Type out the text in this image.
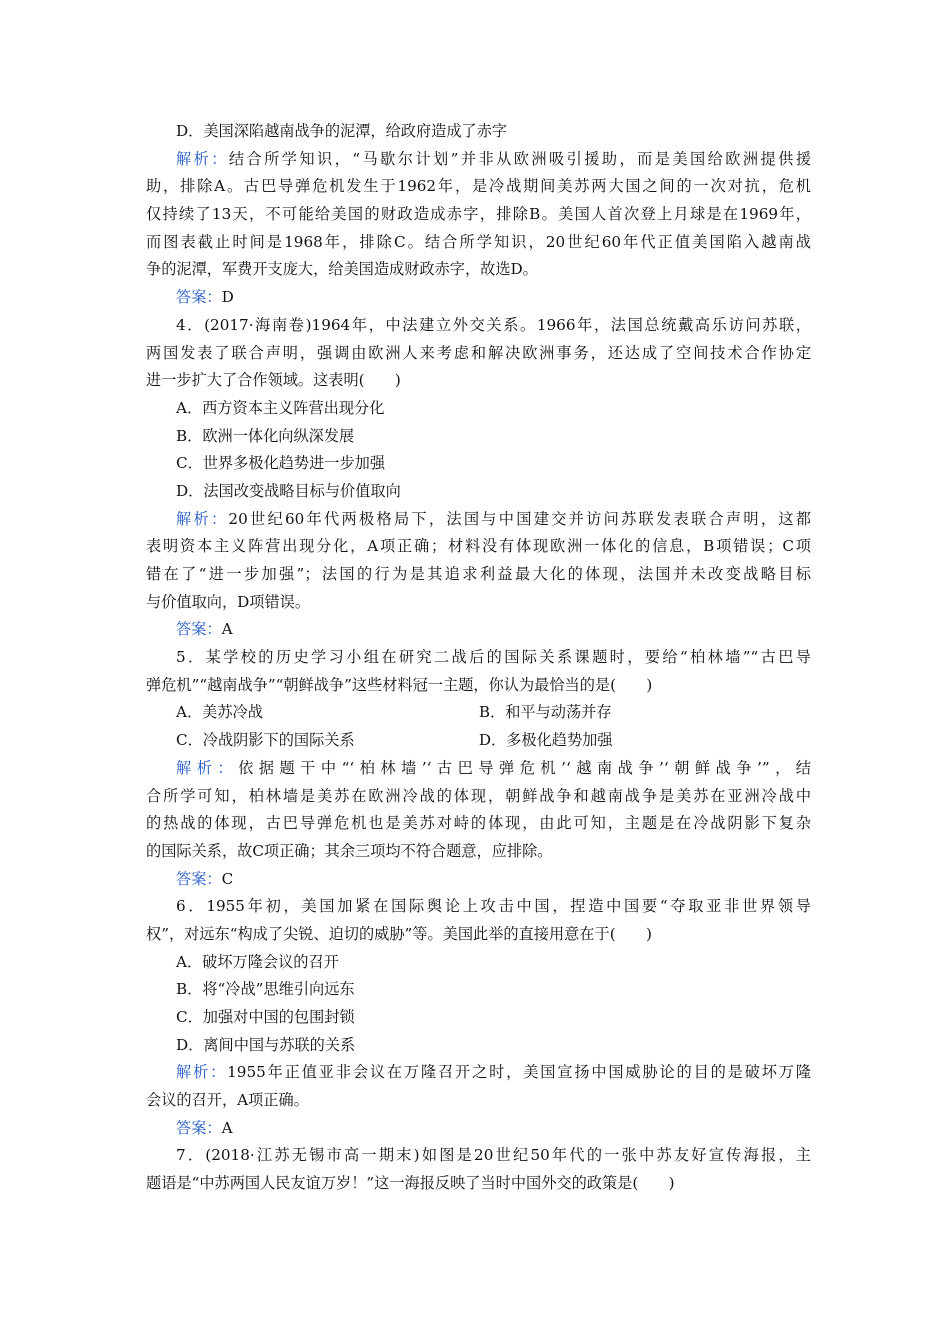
D．美国深陷越南战争的泥潭，给政府造成了赤字
解析：结合所学知识，“马歇尔计划”并非从欧洲吸引援助，而是美国给欧洲提供援
助，排除A。古巴导弹危机发生于1962年，是冷战期间美苏两大国之间的一次对抗，危机
仅持续了13天，不可能给美国的财政造成赤字，排除B。美国人首次登上月球是在1969年，
而图表截止时间是1968年，排除C。结合所学知识，20世纪60年代正值美国陷入越南战
争的泥潭，军费开支庞大，给美国造成财政赤字，故选D。
答案：D
4．(2017·海南卷)1964年，中法建立外交关系。1966年，法国总统戴高乐访问苏联，
两国发表了联合声明，强调由欧洲人来考虑和解决欧洲事务，还达成了空间技术合作协定
进一步扩大了合作领域。这表明(　　)
A．西方资本主义阵营出现分化
B．欧洲一体化向纵深发展
C．世界多极化趋势进一步加强
D．法国改变战略目标与价值取向
解析：20世纪60年代两极格局下，法国与中国建交并访问苏联发表联合声明，这都
表明资本主义阵营出现分化，A项正确；材料没有体现欧洲一体化的信息，B项错误；C项
错在了“进一步加强”；法国的行为是其追求利益最大化的体现，法国并未改变战略目标
与价值取向，D项错误。
答案：A
5．某学校的历史学习小组在研究二战后的国际关系课题时，要给“柏林墙”“古巴导
弹危机”“越南战争”“朝鲜战争”这些材料冠一主题，你认为最恰当的是(　　)
A．美苏冷战	B．和平与动荡并存
C．冷战阴影下的国际关系	D．多极化趋势加强
解析：依据题干中“‘柏林墙’‘古巴导弹危机’‘越南战争’‘朝鲜战争’”，结
合所学可知，柏林墙是美苏在欧洲冷战的体现，朝鲜战争和越南战争是美苏在亚洲冷战中
的热战的体现，古巴导弹危机也是美苏对峙的体现，由此可知，主题是在冷战阴影下复杂
的国际关系，故C项正确；其余三项均不符合题意，应排除。
答案：C
6．1955年初，美国加紧在国际舆论上攻击中国，捏造中国要“夺取亚非世界领导
权”，对远东“构成了尖锐、迫切的威胁”等。美国此举的直接用意在于(　　)
A．破坏万隆会议的召开
B．将“冷战”思维引向远东
C．加强对中国的包围封锁
D．离间中国与苏联的关系
解析：1955年正值亚非会议在万隆召开之时，美国宣扬中国威胁论的目的是破坏万隆
会议的召开，A项正确。
答案：A
7．(2018·江苏无锡市高一期末)如图是20世纪50年代的一张中苏友好宣传海报，主
题语是“中苏两国人民友谊万岁！”这一海报反映了当时中国外交的政策是(　　)
